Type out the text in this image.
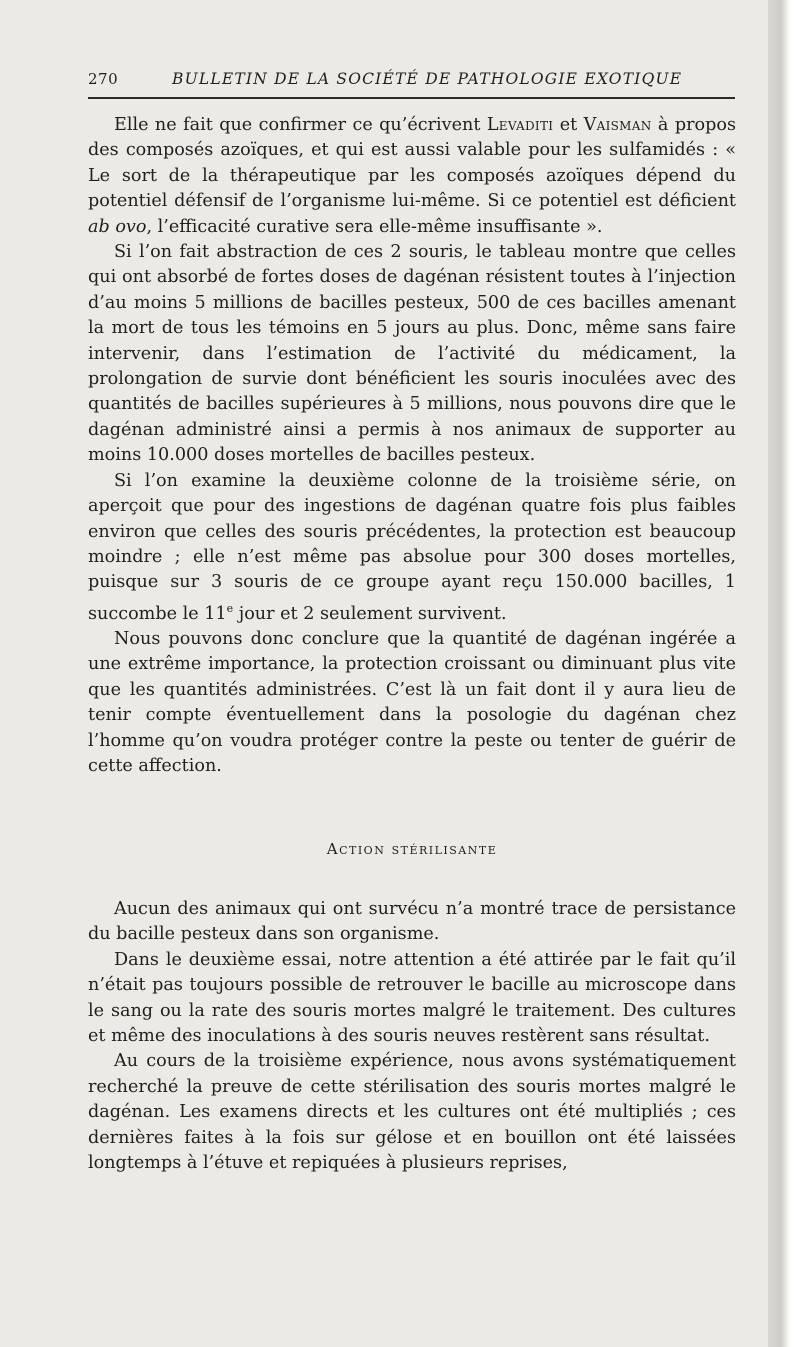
270	BULLETIN DE LA SOCIÉTÉ DE PATHOLOGIE EXOTIQUE

Elle ne fait que confirmer ce qu’écrivent Levaditi et Vaisman à propos des composés azoïques, et qui est aussi valable pour les sulfamidés : « Le sort de la thérapeutique par les composés azoïques dépend du potentiel défensif de l’organisme lui-même. Si ce potentiel est déficient ab ovo, l’efficacité curative sera elle-même insuffisante ».

Si l’on fait abstraction de ces 2 souris, le tableau montre que celles qui ont absorbé de fortes doses de dagénan résistent toutes à l’injection d’au moins 5 millions de bacilles pesteux, 500 de ces bacilles amenant la mort de tous les témoins en 5 jours au plus. Donc, même sans faire intervenir, dans l’estimation de l’activité du médicament, la prolongation de survie dont bénéficient les souris inoculées avec des quantités de bacilles supérieures à 5 millions, nous pouvons dire que le dagénan administré ainsi a permis à nos animaux de supporter au moins 10.000 doses mortelles de bacilles pesteux.

Si l’on examine la deuxième colonne de la troisième série, on aperçoit que pour des ingestions de dagénan quatre fois plus faibles environ que celles des souris précédentes, la protection est beaucoup moindre ; elle n’est même pas absolue pour 300 doses mortelles, puisque sur 3 souris de ce groupe ayant reçu 150.000 bacilles, 1 succombe le 11e jour et 2 seulement survivent.

Nous pouvons donc conclure que la quantité de dagénan ingérée a une extrême importance, la protection croissant ou diminuant plus vite que les quantités administrées. C’est là un fait dont il y aura lieu de tenir compte éventuellement dans la posologie du dagénan chez l’homme qu’on voudra protéger contre la peste ou tenter de guérir de cette affection.

Action stérilisante

Aucun des animaux qui ont survécu n’a montré trace de persistance du bacille pesteux dans son organisme.

Dans le deuxième essai, notre attention a été attirée par le fait qu’il n’était pas toujours possible de retrouver le bacille au microscope dans le sang ou la rate des souris mortes malgré le traitement. Des cultures et même des inoculations à des souris neuves restèrent sans résultat.

Au cours de la troisième expérience, nous avons systématiquement recherché la preuve de cette stérilisation des souris mortes malgré le dagénan. Les examens directs et les cultures ont été multipliés ; ces dernières faites à la fois sur gélose et en bouillon ont été laissées longtemps à l’étuve et repiquées à plusieurs reprises,
